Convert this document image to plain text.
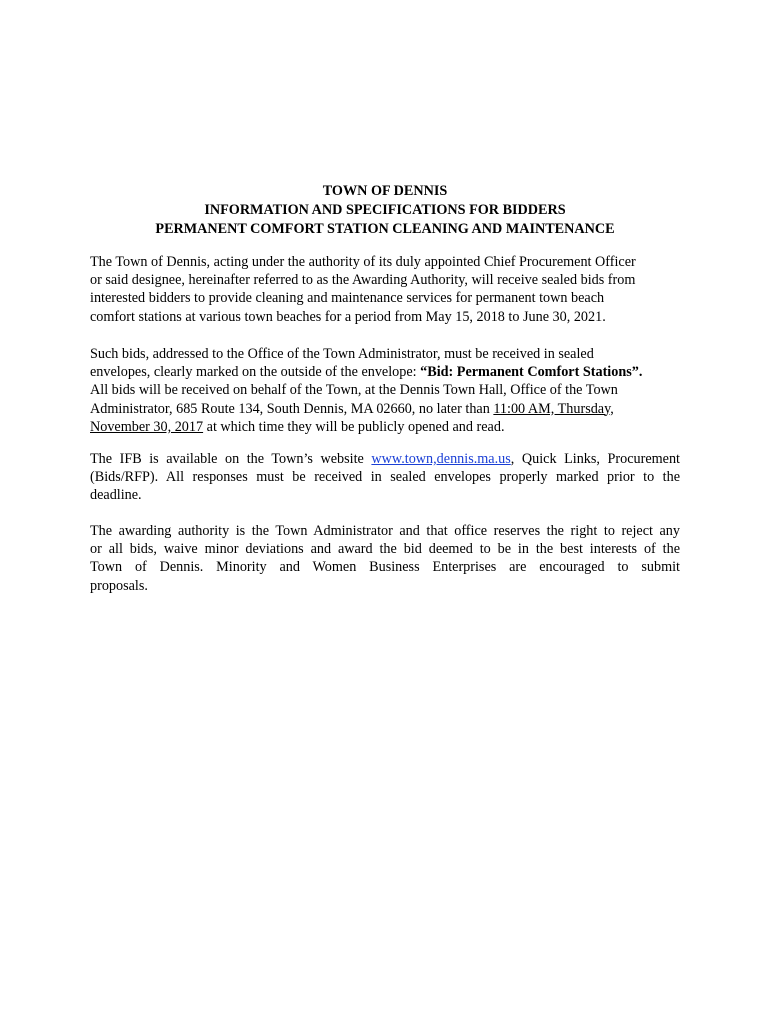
TOWN OF DENNIS
INFORMATION AND SPECIFICATIONS FOR BIDDERS
PERMANENT COMFORT STATION CLEANING AND MAINTENANCE
The Town of Dennis, acting under the authority of its duly appointed Chief Procurement Officer
or said designee, hereinafter referred to as the Awarding Authority, will receive sealed bids from
interested bidders to provide cleaning and maintenance services for permanent town beach
comfort stations at various town beaches for a period from May 15, 2018 to June 30, 2021.
Such bids, addressed to the Office of the Town Administrator, must be received in sealed
envelopes, clearly marked on the outside of the envelope: “Bid: Permanent Comfort Stations”.
All bids will be received on behalf of the Town, at the Dennis Town Hall, Office of the Town
Administrator, 685 Route 134, South Dennis, MA 02660, no later than 11:00 AM, Thursday,
November 30, 2017 at which time they will be publicly opened and read.
The IFB is available on the Town’s website www.town,dennis.ma.us, Quick Links, Procurement
(Bids/RFP). All responses must be received in sealed envelopes properly marked prior to the
deadline.
The awarding authority is the Town Administrator and that office reserves the right to reject any
or all bids, waive minor deviations and award the bid deemed to be in the best interests of the
Town of Dennis. Minority and Women Business Enterprises are encouraged to submit
proposals.
